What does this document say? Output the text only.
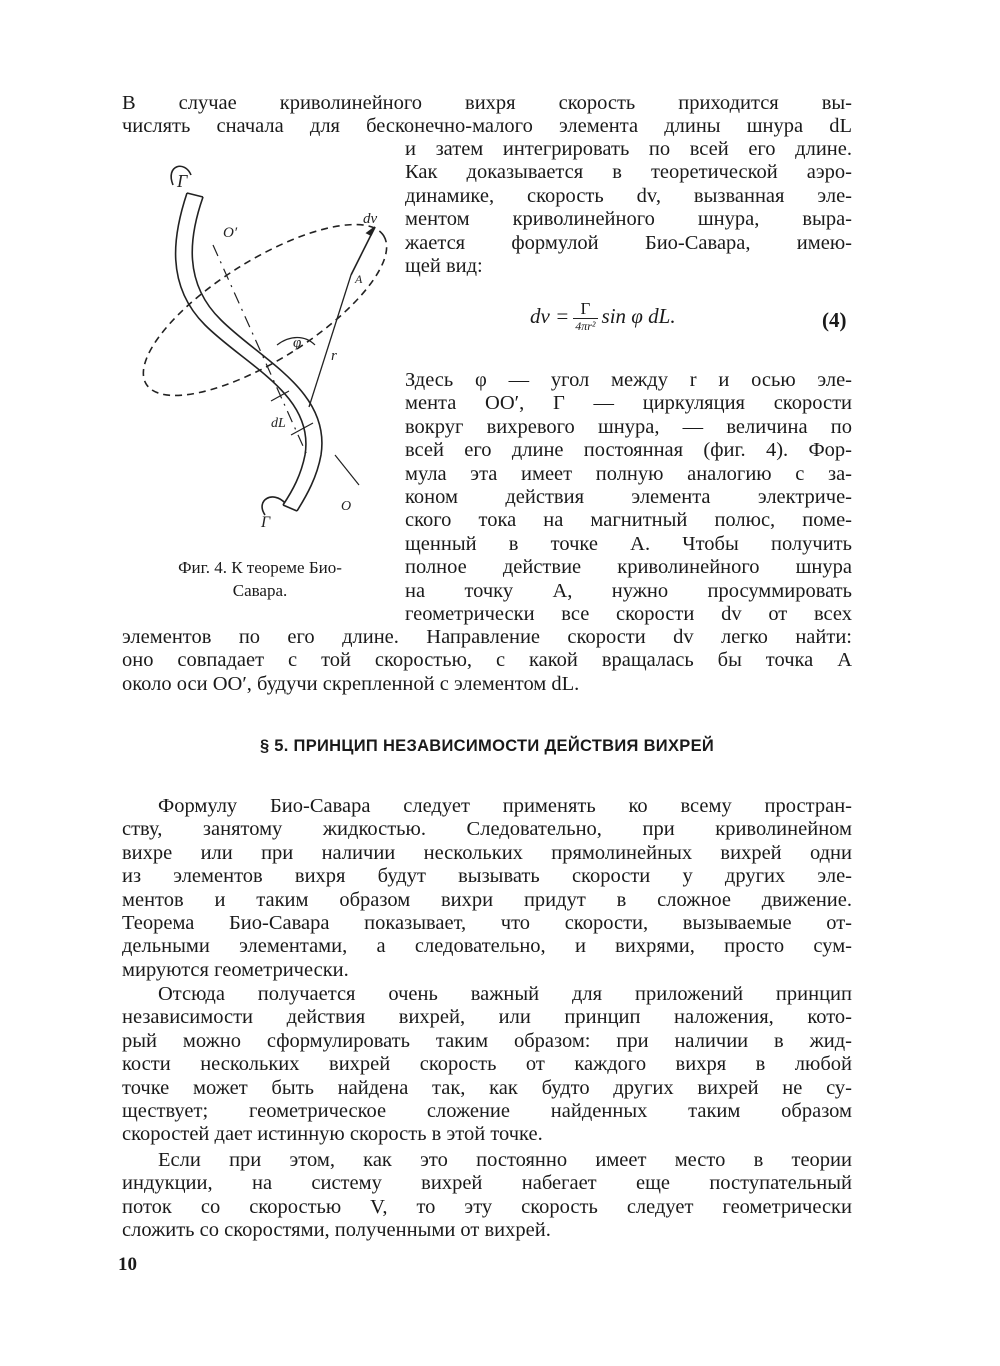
В случае криволинейного вихря скорость приходится вы-
числять сначала для бесконечно-малого элемента длины шнура dL
и затем интегрировать по всей его длине.
Как доказывается в теоретической аэро-
динамике, скорость dv, вызванная эле-
ментом криволинейного шнура, выра-
жается формулой Био-Савара, имею-
щей вид:
dv = $\frac{Г}{\text{4πr²}}$ sin φ dL.	(4)
Здесь φ — угол между r и осью эле-
мента OO′, Г — циркуляция скорости
вокруг вихревого шнура, — величина по
всей его длине постоянная (фиг. 4). Фор-
мула эта имеет полную аналогию с за-
коном действия элемента электриче-
ского тока на магнитный полюс, поме-
щенный в точке A. Чтобы получить
полное действие криволинейного шнура
на точку A, нужно просуммировать
геометрически все скорости dv от всех
элементов по его длине. Направление скорости dv легко найти:
оно совпадает с той скоростью, с какой вращалась бы точка A
около оси OO′, будучи скрепленной с элементом dL.
Г
O′
dv
A
φ
r
dL
O
Г
Фиг. 4. К теореме Био-
Савара.
§ 5. ПРИНЦИП НЕЗАВИСИМОСТИ ДЕЙСТВИЯ ВИХРЕЙ
Формулу Био-Савара следует применять ко всему простран-
ству, занятому жидкостью. Следовательно, при криволинейном
вихре или при наличии нескольких прямолинейных вихрей одни
из элементов вихря будут вызывать скорости у других эле-
ментов и таким образом вихри придут в сложное движение.
Теорема Био-Савара показывает, что скорости, вызываемые от-
дельными элементами, а следовательно, и вихрями, просто сум-
мируются геометрически.
Отсюда получается очень важный для приложений принцип
независимости действия вихрей, или принцип наложения, кото-
рый можно сформулировать таким образом: при наличии в жид-
кости нескольких вихрей скорость от каждого вихря в любой
точке может быть найдена так, как будто других вихрей не су-
ществует; геометрическое сложение найденных таким образом
скоростей дает истинную скорость в этой точке.
Если при этом, как это постоянно имеет место в теории
индукции, на систему вихрей набегает еще поступательный
поток со скоростью V, то эту скорость следует геометрически
сложить со скоростями, полученными от вихрей.
10
